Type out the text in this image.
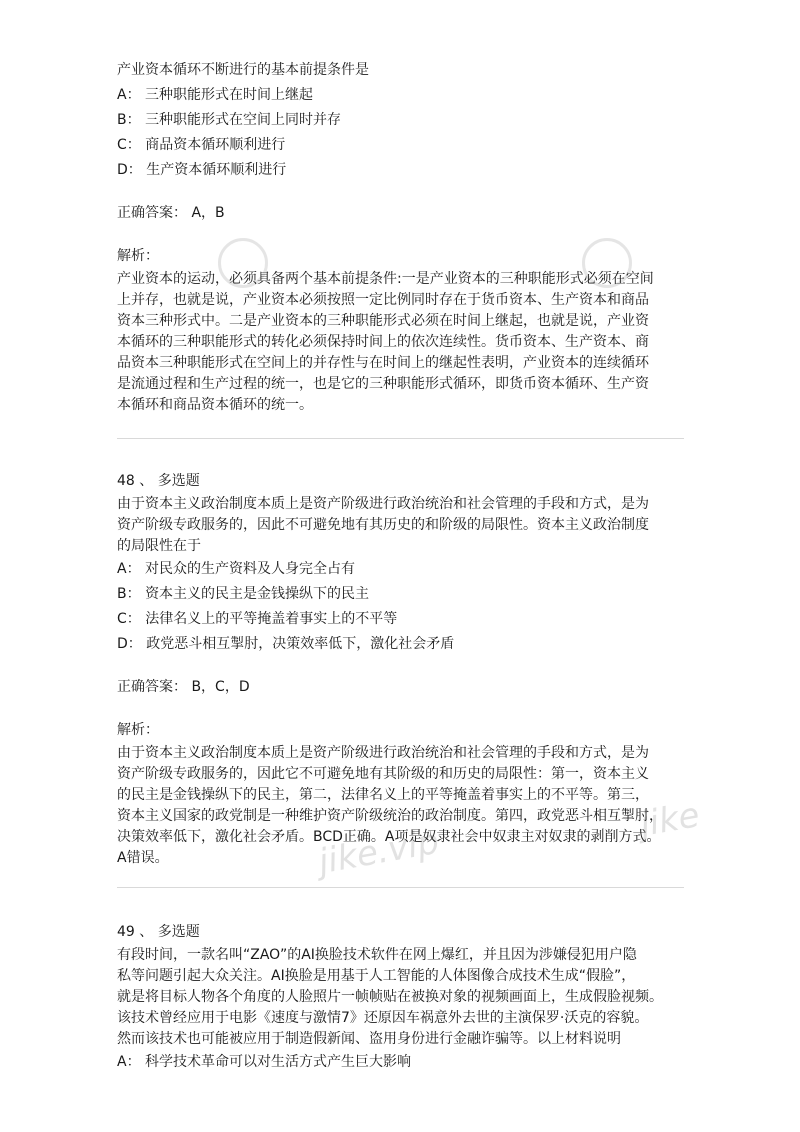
jike.vip
jike
产业资本循环不断进行的基本前提条件是
A： 三种职能形式在时间上继起
B： 三种职能形式在空间上同时并存
C： 商品资本循环顺利进行
D： 生产资本循环顺利进行
正确答案： A，B
解析：
产业资本的运动，必须具备两个基本前提条件:一是产业资本的三种职能形式必须在空间
上并存，也就是说，产业资本必须按照一定比例同时存在于货币资本、生产资本和商品
资本三种形式中。二是产业资本的三种职能形式必须在时间上继起，也就是说，产业资
本循环的三种职能形式的转化必须保持时间上的依次连续性。货币资本、生产资本、商
品资本三种职能形式在空间上的并存性与在时间上的继起性表明，产业资本的连续循环
是流通过程和生产过程的统一，也是它的三种职能形式循环，即货币资本循环、生产资
本循环和商品资本循环的统一。
48 、 多选题
由于资本主义政治制度本质上是资产阶级进行政治统治和社会管理的手段和方式，是为
资产阶级专政服务的，因此不可避免地有其历史的和阶级的局限性。资本主义政治制度
的局限性在于
A： 对民众的生产资料及人身完全占有
B： 资本主义的民主是金钱操纵下的民主
C： 法律名义上的平等掩盖着事实上的不平等
D： 政党恶斗相互掣肘，决策效率低下，激化社会矛盾
正确答案： B，C，D
解析：
由于资本主义政治制度本质上是资产阶级进行政治统治和社会管理的手段和方式，是为
资产阶级专政服务的，因此它不可避免地有其阶级的和历史的局限性：第一，资本主义
的民主是金钱操纵下的民主，第二，法律名义上的平等掩盖着事实上的不平等。第三，
资本主义国家的政党制是一种维护资产阶级统治的政治制度。第四，政党恶斗相互掣肘，
决策效率低下，激化社会矛盾。BCD正确。A项是奴隶社会中奴隶主对奴隶的剥削方式。
A错误。
49 、 多选题
有段时间，一款名叫“ZAO”的AI换脸技术软件在网上爆红，并且因为涉嫌侵犯用户隐
私等问题引起大众关注。AI换脸是用基于人工智能的人体图像合成技术生成“假脸”，
就是将目标人物各个角度的人脸照片一帧帧贴在被换对象的视频画面上，生成假脸视频。
该技术曾经应用于电影《速度与激情7》还原因车祸意外去世的主演保罗·沃克的容貌。
然而该技术也可能被应用于制造假新闻、盗用身份进行金融诈骗等。以上材料说明
A： 科学技术革命可以对生活方式产生巨大影响
